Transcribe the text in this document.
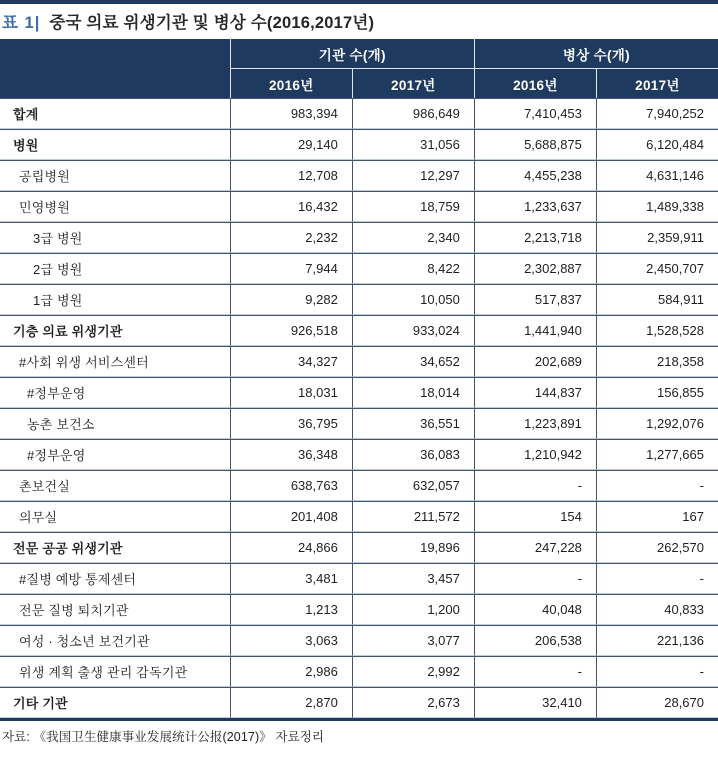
표 1| 중국 의료 위생기관 및 병상 수(2016,2017년)
	기관 수(개)		병상 수(개)	
	2016년	2017년	2016년	2017년
합계	983,394	986,649	7,410,453	7,940,252
병원	29,140	31,056	5,688,875	6,120,484
공립병원	12,708	12,297	4,455,238	4,631,146
민영병원	16,432	18,759	1,233,637	1,489,338
3급 병원	2,232	2,340	2,213,718	2,359,911
2급 병원	7,944	8,422	2,302,887	2,450,707
1급 병원	9,282	10,050	517,837	584,911
기층 의료 위생기관	926,518	933,024	1,441,940	1,528,528
#사회 위생 서비스센터	34,327	34,652	202,689	218,358
#정부운영	18,031	18,014	144,837	156,855
농촌 보건소	36,795	36,551	1,223,891	1,292,076
#정부운영	36,348	36,083	1,210,942	1,277,665
촌보건실	638,763	632,057	-	-
의무실	201,408	211,572	154	167
전문 공공 위생기관	24,866	19,896	247,228	262,570
#질병 예방 통제센터	3,481	3,457	-	-
전문 질병 퇴치기관	1,213	1,200	40,048	40,833
여성 · 청소년 보건기관	3,063	3,077	206,538	221,136
위생 계획 출생 관리 감독기관	2,986	2,992	-	-
기타 기관	2,870	2,673	32,410	28,670
자료: 《我国卫生健康事业发展统计公报(2017)》 자료정리
